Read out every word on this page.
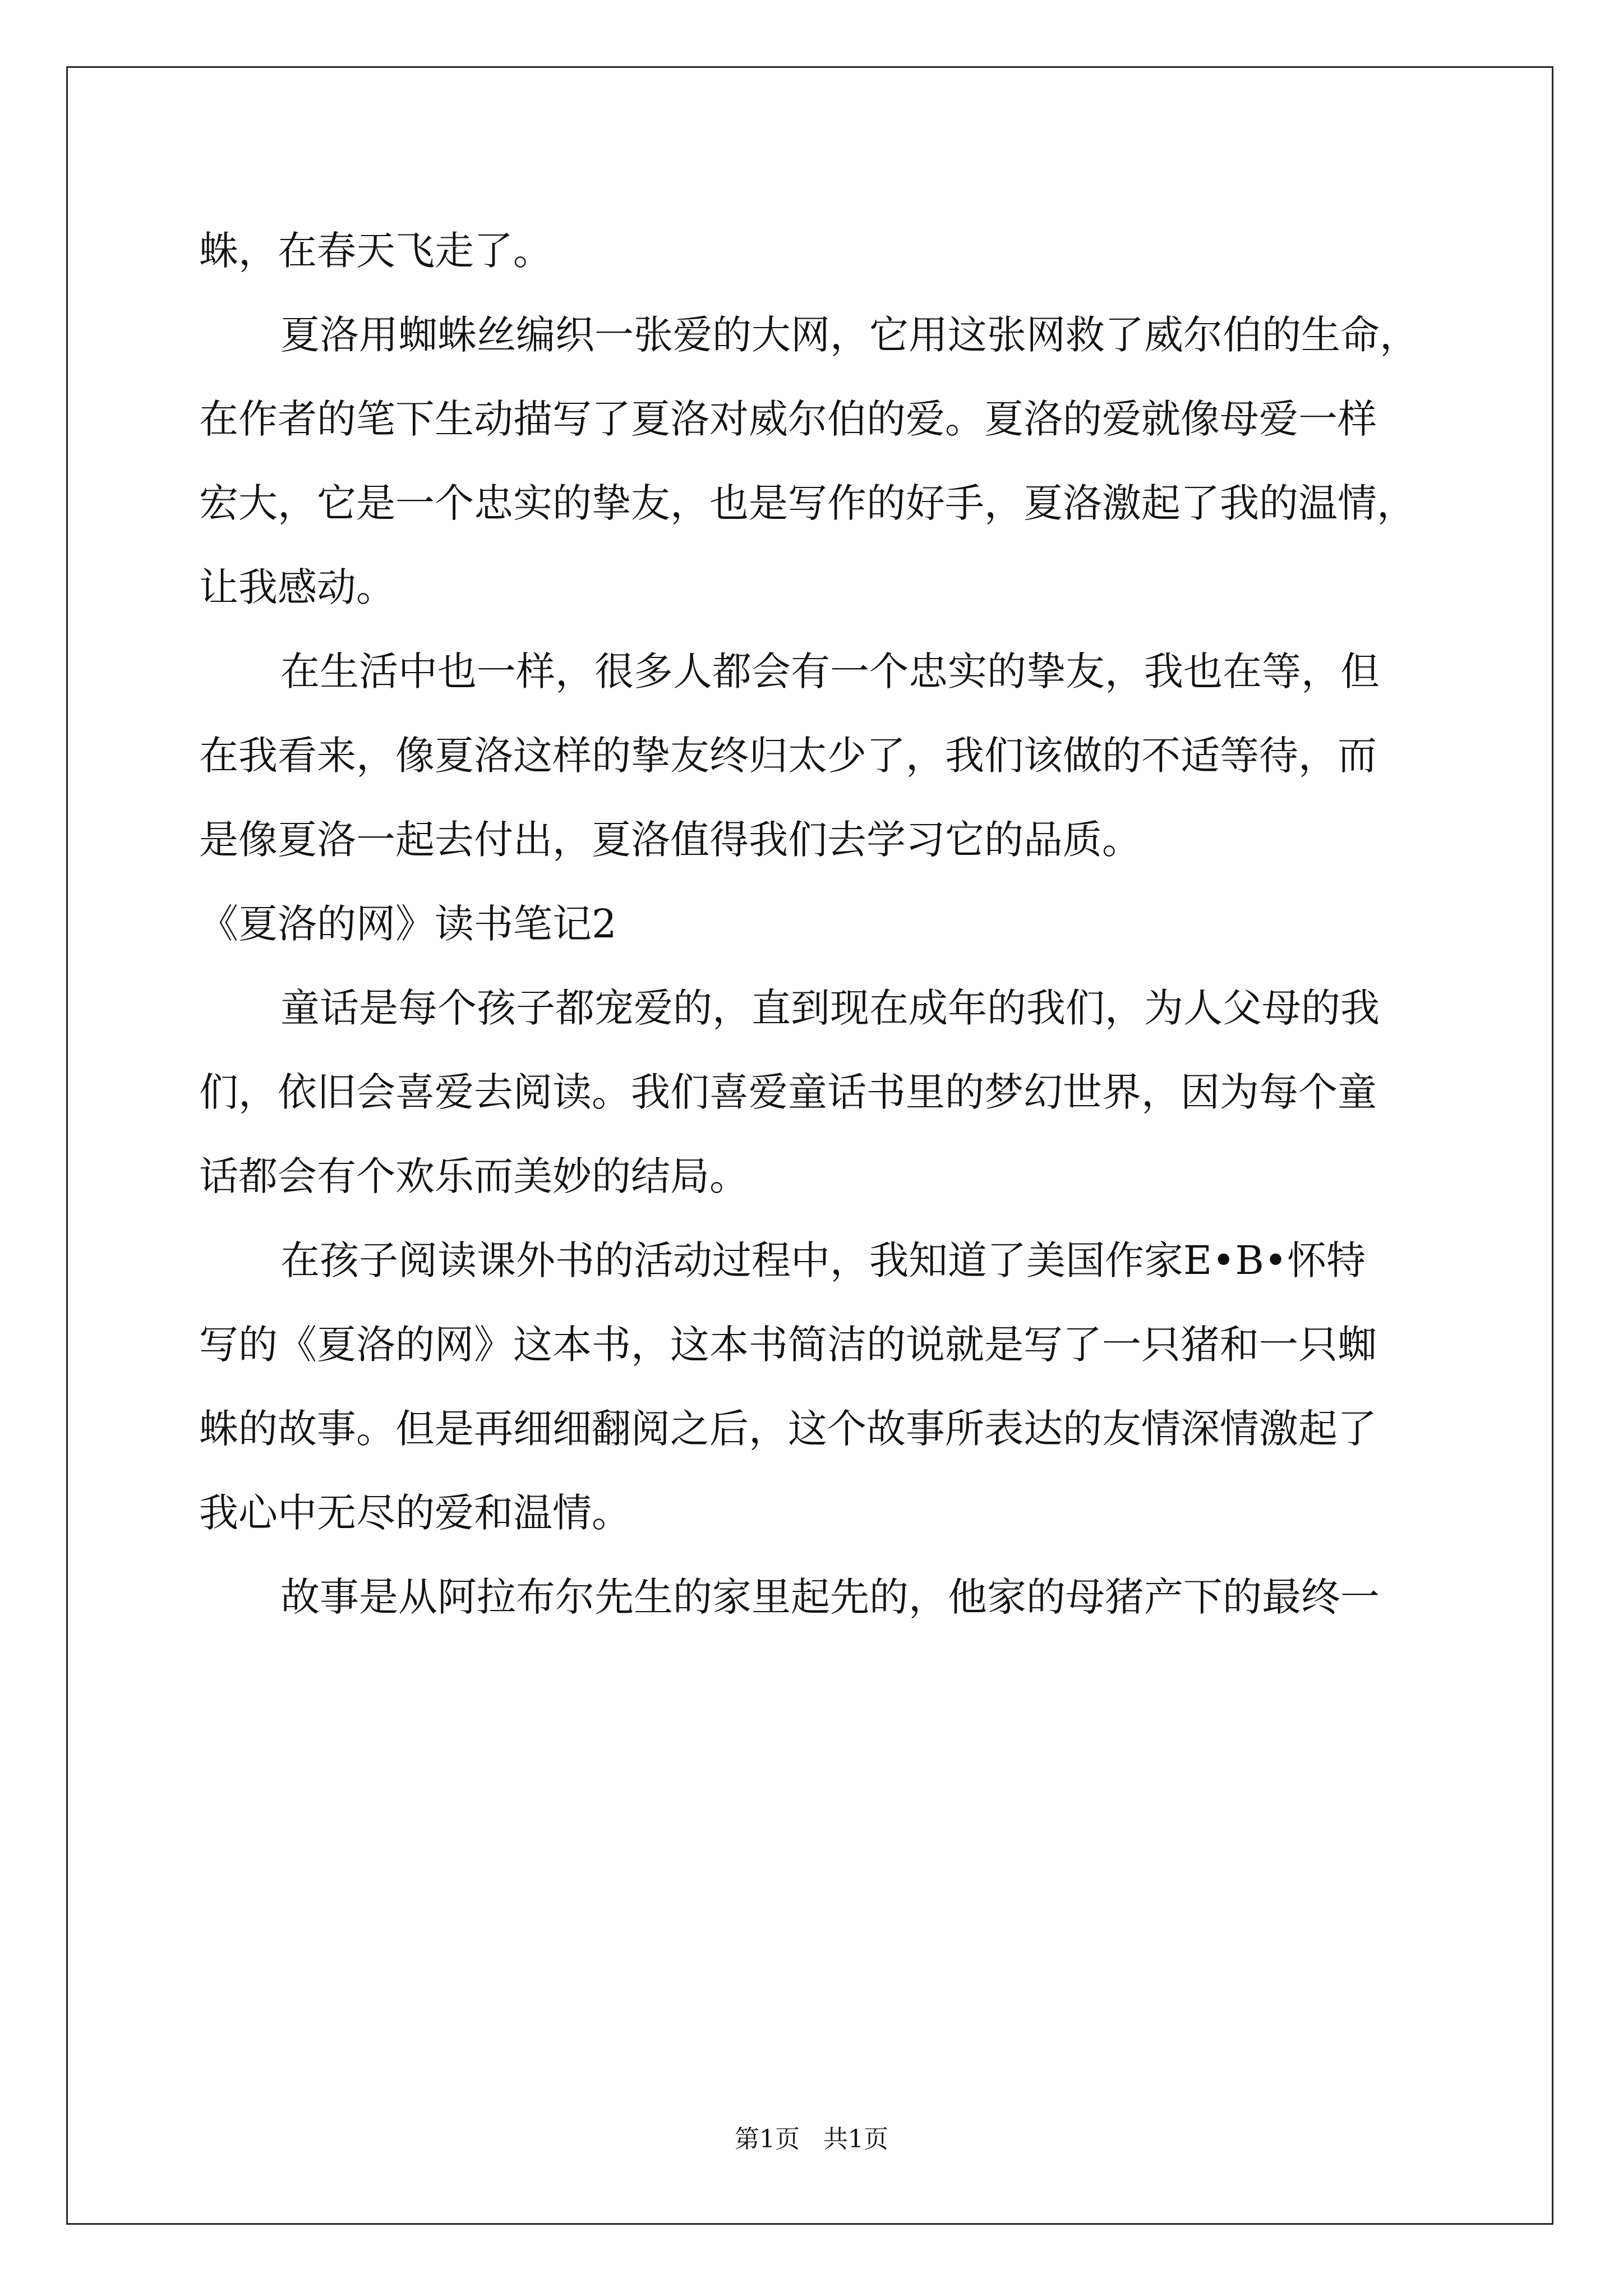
蛛，在春天飞走了。
夏洛用蜘蛛丝编织一张爱的大网，它用这张网救了威尔伯的生命，
在作者的笔下生动描写了夏洛对威尔伯的爱。夏洛的爱就像母爱一样
宏大，它是一个忠实的挚友，也是写作的好手，夏洛激起了我的温情，
让我感动。
在生活中也一样，很多人都会有一个忠实的挚友，我也在等，但
在我看来，像夏洛这样的挚友终归太少了，我们该做的不适等待，而
是像夏洛一起去付出，夏洛值得我们去学习它的品质。
《夏洛的网》读书笔记2
童话是每个孩子都宠爱的，直到现在成年的我们，为人父母的我
们，依旧会喜爱去阅读。我们喜爱童话书里的梦幻世界，因为每个童
话都会有个欢乐而美妙的结局。
在孩子阅读课外书的活动过程中，我知道了美国作家E•B•怀特
写的《夏洛的网》这本书，这本书简洁的说就是写了一只猪和一只蜘
蛛的故事。但是再细细翻阅之后，这个故事所表达的友情深情激起了
我心中无尽的爱和温情。
故事是从阿拉布尔先生的家里起先的，他家的母猪产下的最终一
第1页   共1页
